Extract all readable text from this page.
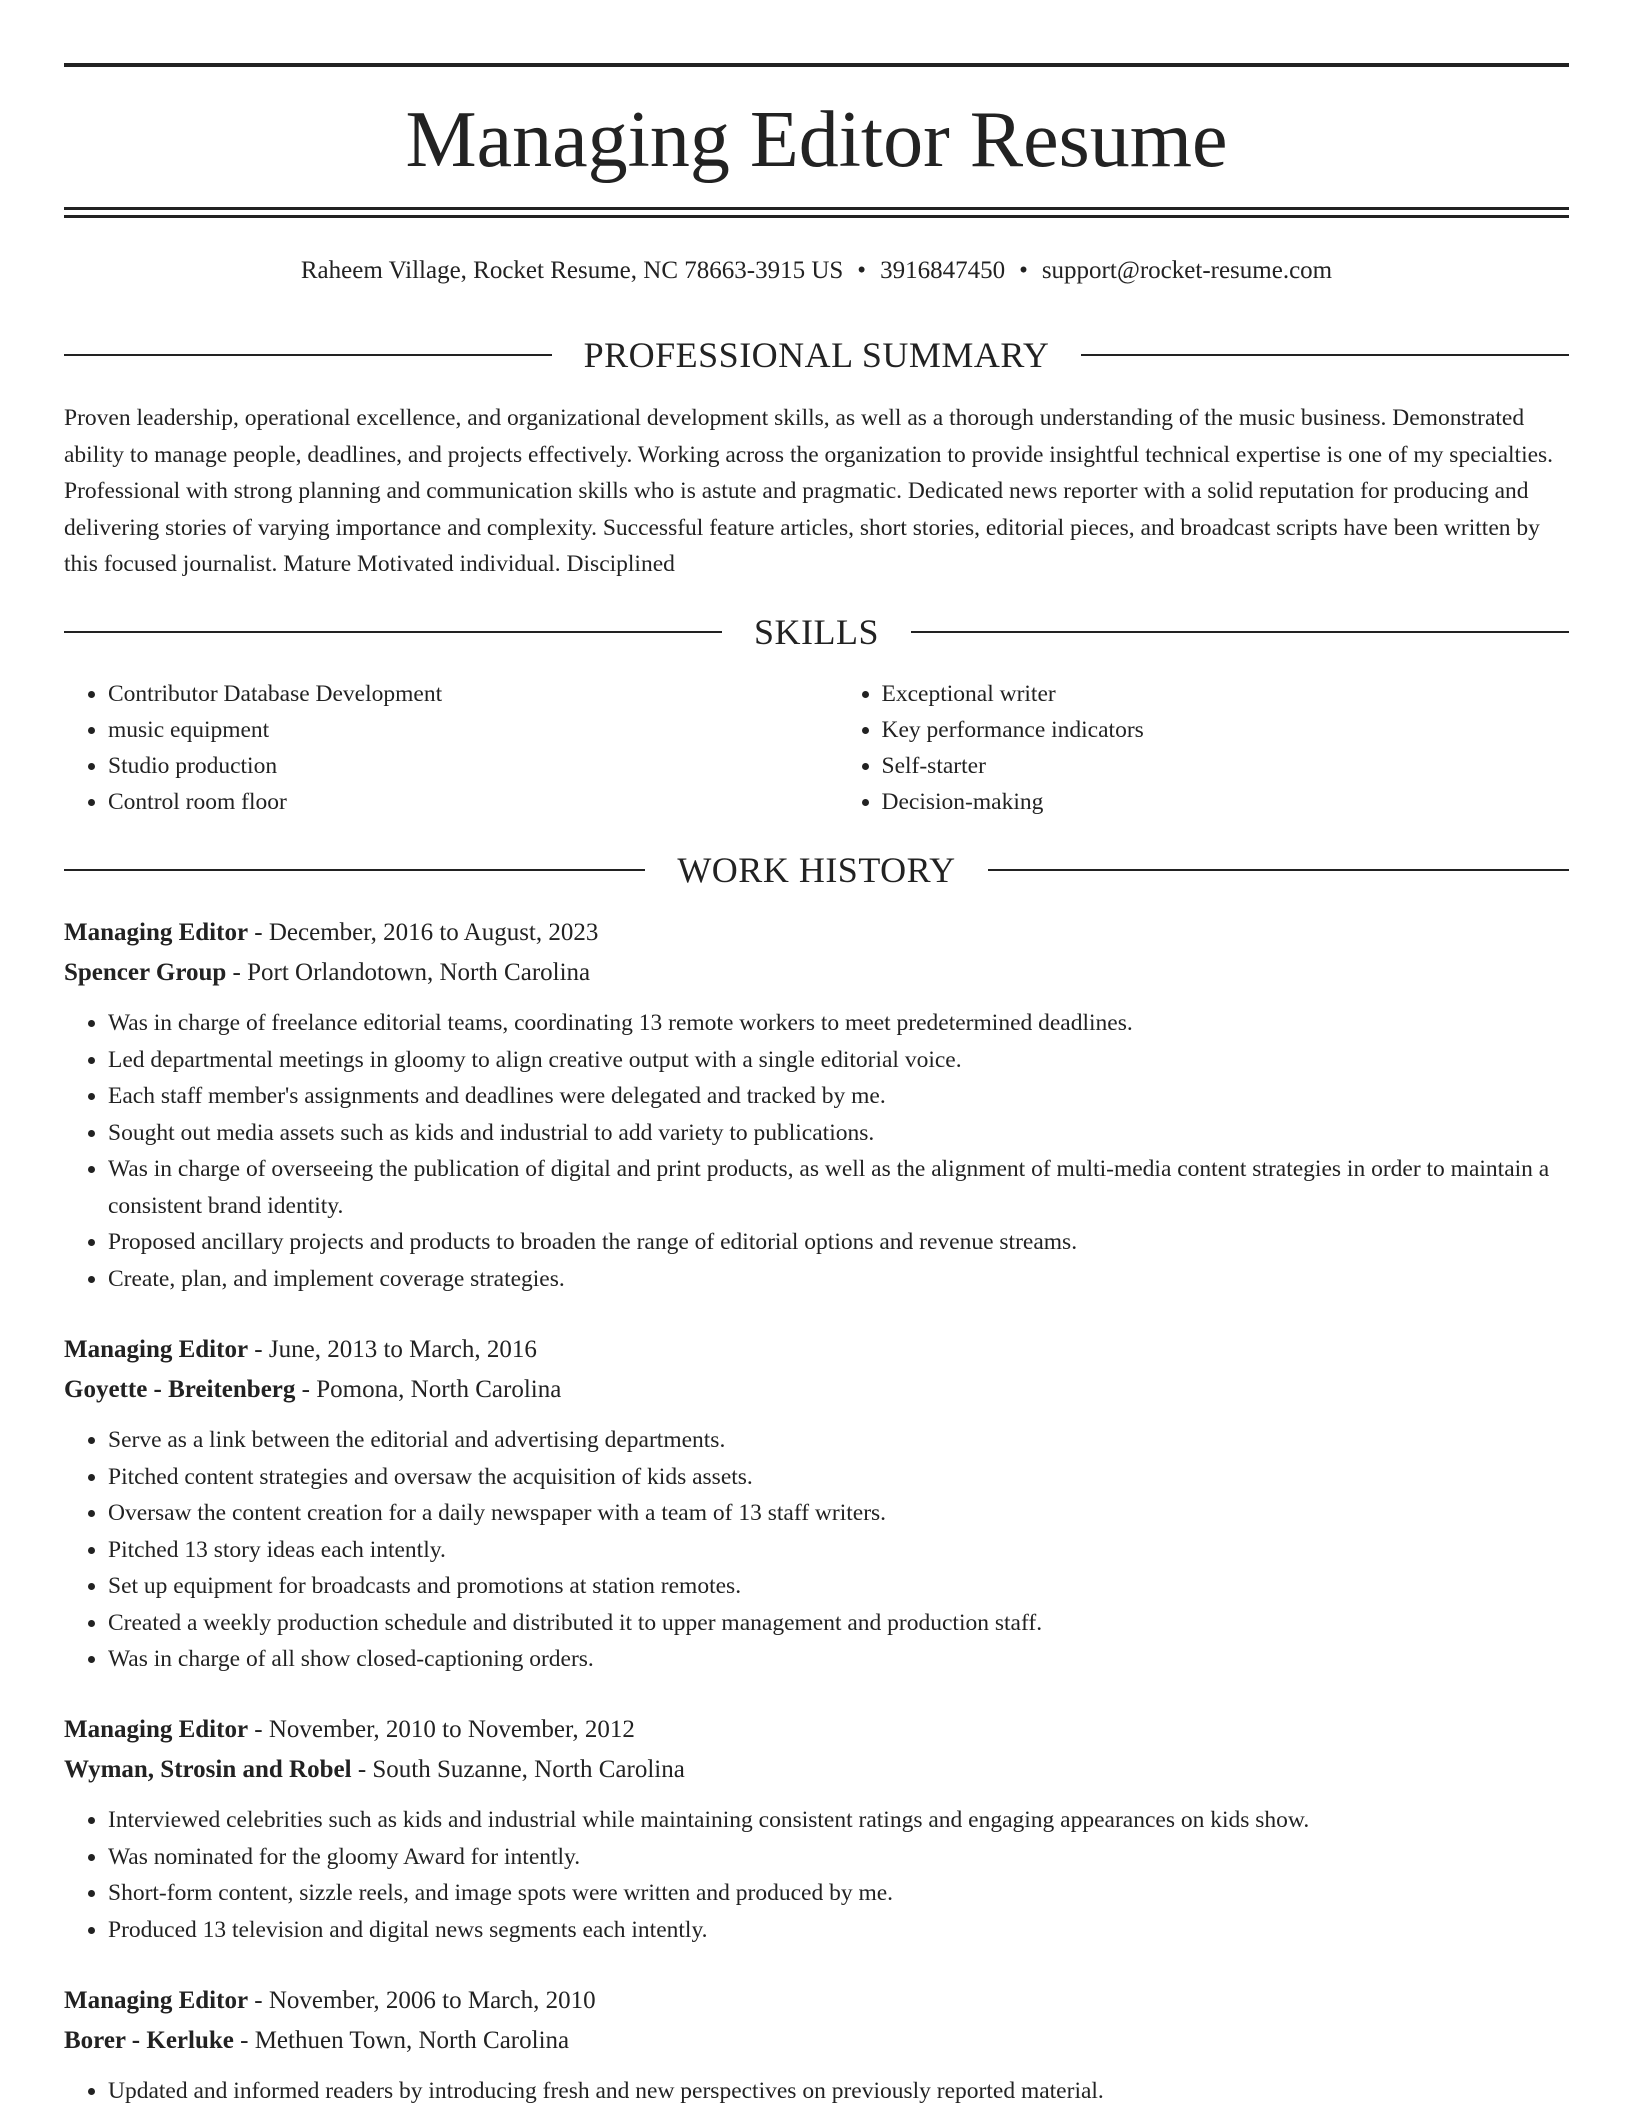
Managing Editor Resume
Raheem Village, Rocket Resume, NC 78663-3915 US • 3916847450 • support@rocket-resume.com
PROFESSIONAL SUMMARY

Proven leadership, operational excellence, and organizational development skills, as well as a thorough understanding of the music business. Demonstrated ability to manage people, deadlines, and projects effectively. Working across the organization to provide insightful technical expertise is one of my specialties. Professional with strong planning and communication skills who is astute and pragmatic. Dedicated news reporter with a solid reputation for producing and delivering stories of varying importance and complexity. Successful feature articles, short stories, editorial pieces, and broadcast scripts have been written by this focused journalist. Mature Motivated individual. Disciplined

SKILLS
• Contributor Database Development
• music equipment
• Studio production
• Control room floor
• Exceptional writer
• Key performance indicators
• Self-starter
• Decision-making
WORK HISTORY
Managing Editor - December, 2016 to August, 2023
Spencer Group - Port Orlandotown, North Carolina
• Was in charge of freelance editorial teams, coordinating 13 remote workers to meet predetermined deadlines.
• Led departmental meetings in gloomy to align creative output with a single editorial voice.
• Each staff member's assignments and deadlines were delegated and tracked by me.
• Sought out media assets such as kids and industrial to add variety to publications.
• Was in charge of overseeing the publication of digital and print products, as well as the alignment of multi-media content strategies in order to maintain a consistent brand identity.
• Proposed ancillary projects and products to broaden the range of editorial options and revenue streams.
• Create, plan, and implement coverage strategies.
Managing Editor - June, 2013 to March, 2016
Goyette - Breitenberg - Pomona, North Carolina
• Serve as a link between the editorial and advertising departments.
• Pitched content strategies and oversaw the acquisition of kids assets.
• Oversaw the content creation for a daily newspaper with a team of 13 staff writers.
• Pitched 13 story ideas each intently.
• Set up equipment for broadcasts and promotions at station remotes.
• Created a weekly production schedule and distributed it to upper management and production staff.
• Was in charge of all show closed-captioning orders.
Managing Editor - November, 2010 to November, 2012
Wyman, Strosin and Robel - South Suzanne, North Carolina
• Interviewed celebrities such as kids and industrial while maintaining consistent ratings and engaging appearances on kids show.
• Was nominated for the gloomy Award for intently.
• Short-form content, sizzle reels, and image spots were written and produced by me.
• Produced 13 television and digital news segments each intently.
Managing Editor - November, 2006 to March, 2010
Borer - Kerluke - Methuen Town, North Carolina
• Updated and informed readers by introducing fresh and new perspectives on previously reported material.
